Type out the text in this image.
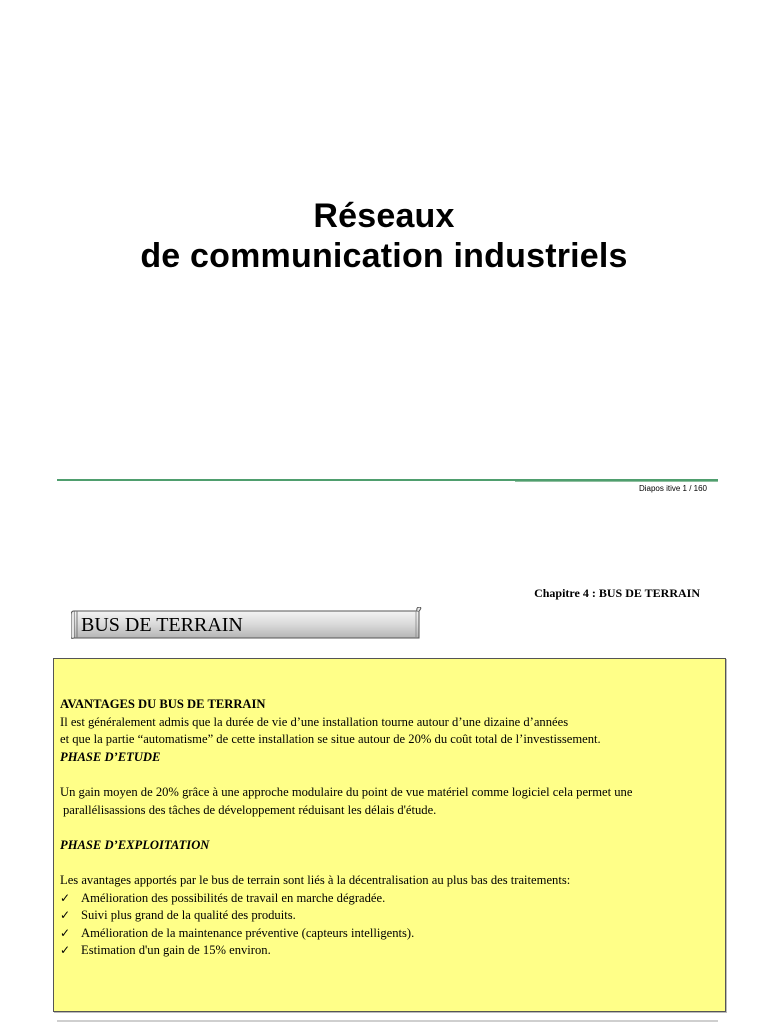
Réseaux
de communication industriels
Diapos itive 1 / 160
Chapitre 4 : BUS DE TERRAIN
BUS DE TERRAIN
AVANTAGES DU BUS DE TERRAIN
Il est généralement admis que la durée de vie d’une installation tourne autour d’une dizaine d’années
et que la partie “automatisme” de cette installation se situe autour de 20% du coût total de l’investissement.
PHASE D’ETUDE
Un gain moyen de 20% grâce à une approche modulaire du point de vue matériel comme logiciel cela permet une
parallélisassions des tâches de développement réduisant les délais d'étude.
PHASE D’EXPLOITATION
Les avantages apportés par le bus de terrain sont liés à la décentralisation au plus bas des traitements:
✓ Amélioration des possibilités de travail en marche dégradée.
✓ Suivi plus grand de la qualité des produits.
✓ Amélioration de la maintenance préventive (capteurs intelligents).
✓ Estimation d'un gain de 15% environ.
